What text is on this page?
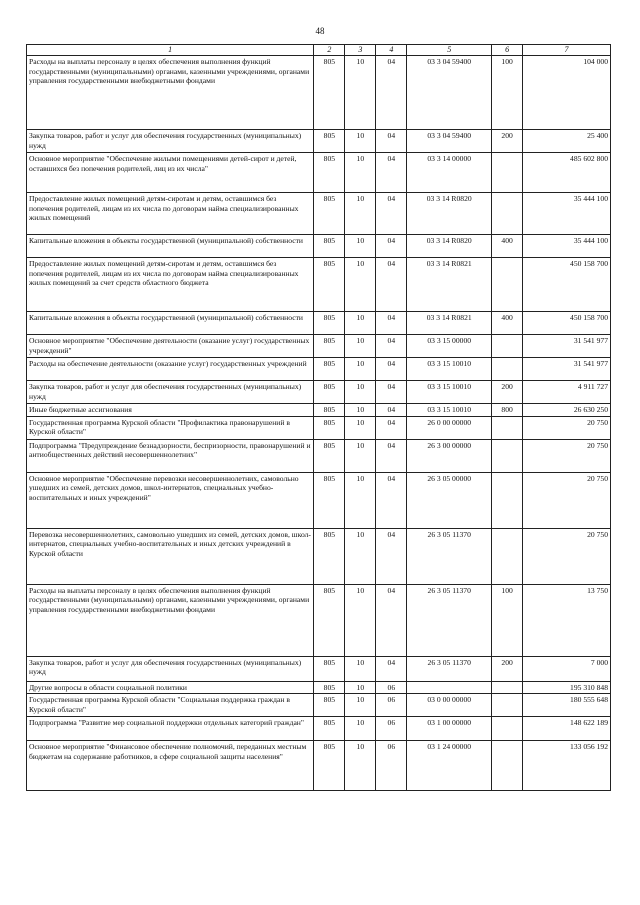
48
1	2	3	4	5	6	7
Расходы на выплаты персоналу в целях обеспечения выполнения функций государственными (муниципальными) органами, казенными учреждениями, органами управления государственными внебюджетными фондами	805	10	04	03 3 04 59400	100	104 000
Закупка товаров, работ и услуг для обеспечения государственных (муниципальных) нужд	805	10	04	03 3 04 59400	200	25 400
Основное мероприятие "Обеспечение жилыми помещениями детей-сирот и детей, оставшихся без попечения родителей, лиц из их числа"	805	10	04	03 3 14 00000		485 602 800
Предоставление жилых помещений детям-сиротам и детям, оставшимся без попечения родителей, лицам из их числа по договорам найма специализированных жилых помещений	805	10	04	03 3 14 R0820		35 444 100
Капитальные вложения в объекты государственной (муниципальной) собственности	805	10	04	03 3 14 R0820	400	35 444 100
Предоставление жилых помещений детям-сиротам и детям, оставшимся без попечения родителей, лицам из их числа по договорам найма специализированных жилых помещений за счет средств областного бюджета	805	10	04	03 3 14 R0821		450 158 700
Капитальные вложения в объекты государственной (муниципальной) собственности	805	10	04	03 3 14 R0821	400	450 158 700
Основное мероприятие "Обеспечение деятельности (оказание услуг) государственных учреждений"	805	10	04	03 3 15 00000		31 541 977
Расходы на обеспечение деятельности (оказание услуг) государственных учреждений	805	10	04	03 3 15 10010		31 541 977
Закупка товаров, работ и услуг для обеспечения государственных (муниципальных) нужд	805	10	04	03 3 15 10010	200	4 911 727
Иные бюджетные ассигнования	805	10	04	03 3 15 10010	800	26 630 250
Государственная программа Курской области "Профилактика правонарушений в Курской области"	805	10	04	26 0 00 00000		20 750
Подпрограмма "Предупреждение безнадзорности, беспризорности, правонарушений и антиобщественных действий несовершеннолетних"	805	10	04	26 3 00 00000		20 750
Основное мероприятие "Обеспечение перевозки несовершеннолетних, самовольно ушедших из семей, детских домов, школ-интернатов, специальных учебно-воспитательных и иных учреждений"	805	10	04	26 3 05 00000		20 750
Перевозка несовершеннолетних, самовольно ушедших из семей, детских домов, школ-интернатов, специальных учебно-воспитательных и иных детских учреждений в Курской области	805	10	04	26 3 05 11370		20 750
Расходы на выплаты персоналу в целях обеспечения выполнения функций государственными (муниципальными) органами, казенными учреждениями, органами управления государственными внебюджетными фондами	805	10	04	26 3 05 11370	100	13 750
Закупка товаров, работ и услуг для обеспечения государственных (муниципальных) нужд	805	10	04	26 3 05 11370	200	7 000
Другие вопросы в области социальной политики	805	10	06			195 310 848
Государственная программа Курской области "Социальная поддержка граждан в Курской области"	805	10	06	03 0 00 00000		180 555 648
Подпрограмма "Развитие мер социальной поддержки отдельных категорий граждан"	805	10	06	03 1 00 00000		148 622 189
Основное мероприятие "Финансовое обеспечение полномочий, переданных местным бюджетам на содержание работников, в сфере социальной защиты населения"	805	10	06	03 1 24 00000		133 056 192
